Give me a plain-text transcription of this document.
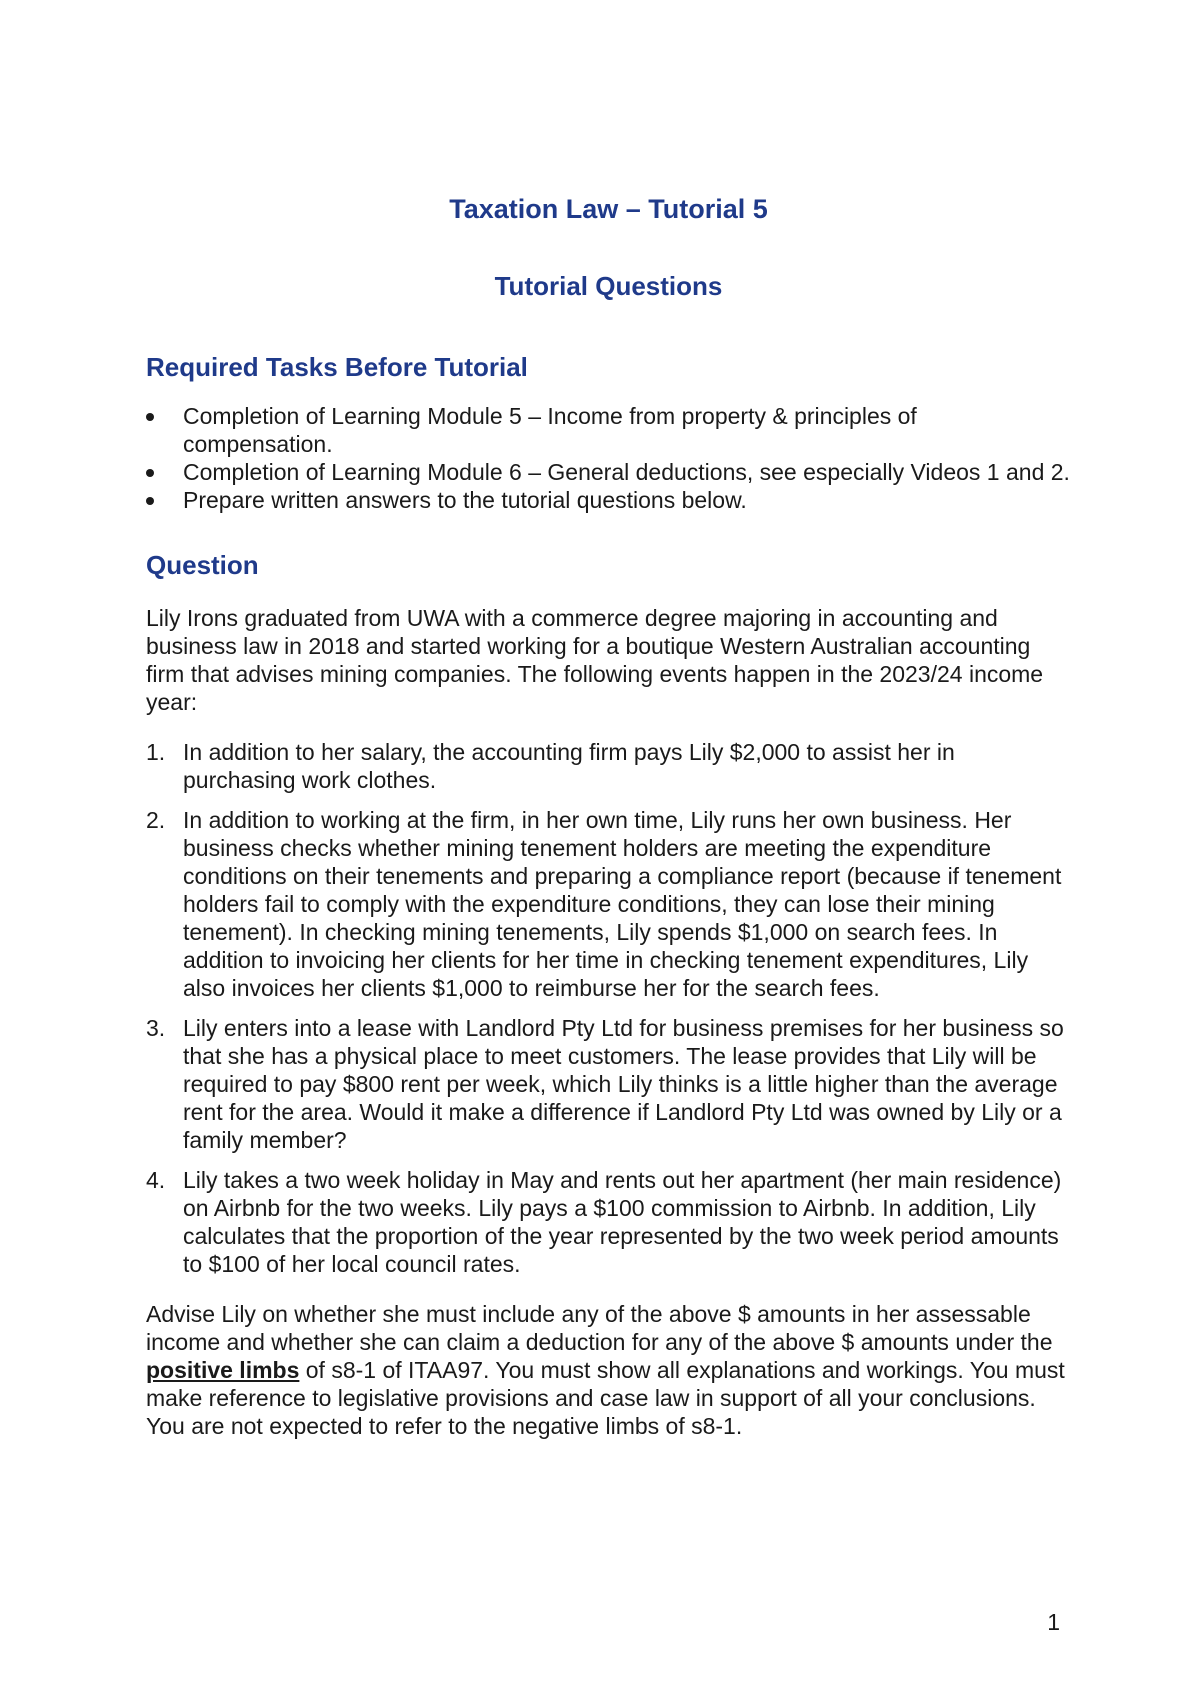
Taxation Law – Tutorial 5
Tutorial Questions
Required Tasks Before Tutorial
Completion of Learning Module 5 – Income from property & principles of compensation.
Completion of Learning Module 6 – General deductions, see especially Videos 1 and 2.
Prepare written answers to the tutorial questions below.
Question

Lily Irons graduated from UWA with a commerce degree majoring in accounting and business law in 2018 and started working for a boutique Western Australian accounting firm that advises mining companies. The following events happen in the 2023/24 income year:

1. In addition to her salary, the accounting firm pays Lily $2,000 to assist her in purchasing work clothes.
2. In addition to working at the firm, in her own time, Lily runs her own business. Her business checks whether mining tenement holders are meeting the expenditure conditions on their tenements and preparing a compliance report (because if tenement holders fail to comply with the expenditure conditions, they can lose their mining tenement). In checking mining tenements, Lily spends $1,000 on search fees. In addition to invoicing her clients for her time in checking tenement expenditures, Lily also invoices her clients $1,000 to reimburse her for the search fees.
3. Lily enters into a lease with Landlord Pty Ltd for business premises for her business so that she has a physical place to meet customers. The lease provides that Lily will be required to pay $800 rent per week, which Lily thinks is a little higher than the average rent for the area. Would it make a difference if Landlord Pty Ltd was owned by Lily or a family member?
4. Lily takes a two week holiday in May and rents out her apartment (her main residence) on Airbnb for the two weeks. Lily pays a $100 commission to Airbnb. In addition, Lily calculates that the proportion of the year represented by the two week period amounts to $100 of her local council rates.

Advise Lily on whether she must include any of the above $ amounts in her assessable income and whether she can claim a deduction for any of the above $ amounts under the positive limbs of s8-1 of ITAA97. You must show all explanations and workings. You must make reference to legislative provisions and case law in support of all your conclusions. You are not expected to refer to the negative limbs of s8-1.

1
